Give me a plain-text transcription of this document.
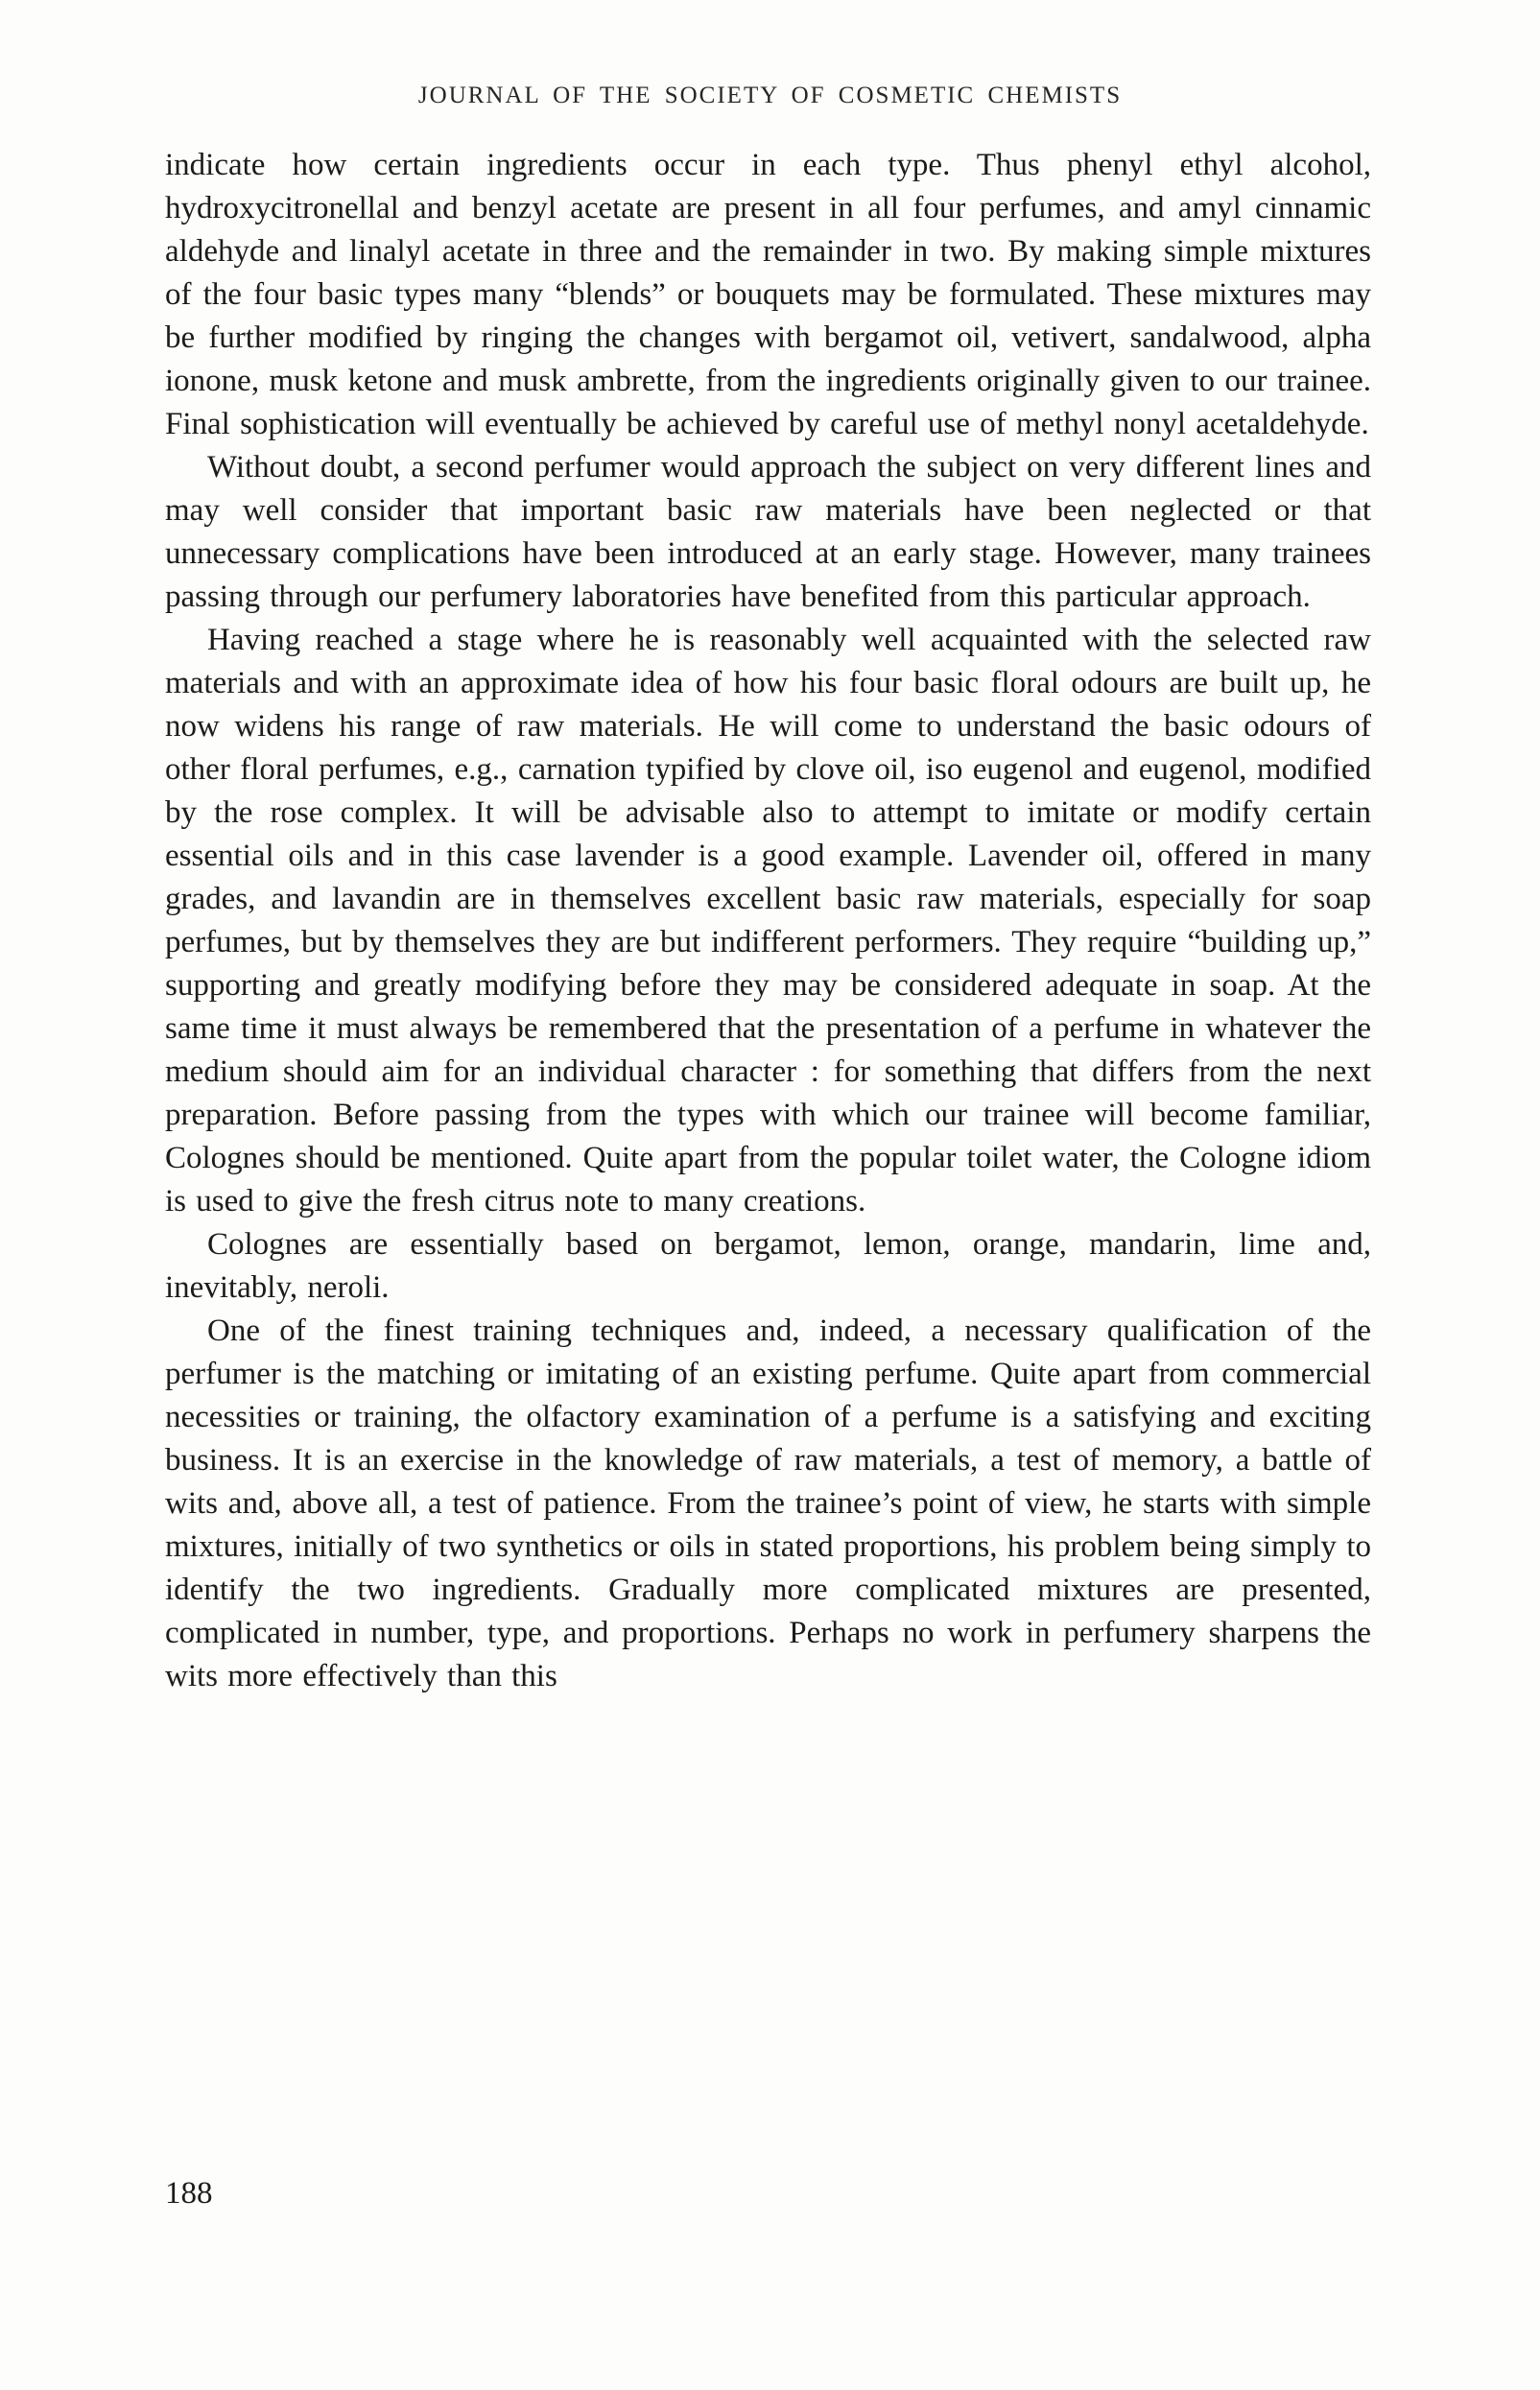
JOURNAL OF THE SOCIETY OF COSMETIC CHEMISTS

indicate how certain ingredients occur in each type. Thus phenyl ethyl alcohol, hydroxycitronellal and benzyl acetate are present in all four perfumes, and amyl cinnamic aldehyde and linalyl acetate in three and the remainder in two. By making simple mixtures of the four basic types many “blends” or bouquets may be formulated. These mixtures may be further modified by ringing the changes with bergamot oil, vetivert, sandalwood, alpha ionone, musk ketone and musk ambrette, from the ingredients originally given to our trainee. Final sophistication will eventually be achieved by careful use of methyl nonyl acetaldehyde.

Without doubt, a second perfumer would approach the subject on very different lines and may well consider that important basic raw materials have been neglected or that unnecessary complications have been introduced at an early stage. However, many trainees passing through our perfumery laboratories have benefited from this particular approach.

Having reached a stage where he is reasonably well acquainted with the selected raw materials and with an approximate idea of how his four basic floral odours are built up, he now widens his range of raw materials. He will come to understand the basic odours of other floral perfumes, e.g., carnation typified by clove oil, iso eugenol and eugenol, modified by the rose complex. It will be advisable also to attempt to imitate or modify certain essential oils and in this case lavender is a good example. Lavender oil, offered in many grades, and lavandin are in themselves excellent basic raw materials, especially for soap perfumes, but by themselves they are but indifferent performers. They require “building up,” supporting and greatly modifying before they may be considered adequate in soap. At the same time it must always be remembered that the presentation of a perfume in whatever the medium should aim for an individual character : for something that differs from the next preparation. Before passing from the types with which our trainee will become familiar, Colognes should be mentioned. Quite apart from the popular toilet water, the Cologne idiom is used to give the fresh citrus note to many creations.

Colognes are essentially based on bergamot, lemon, orange, mandarin, lime and, inevitably, neroli.

One of the finest training techniques and, indeed, a necessary qualification of the perfumer is the matching or imitating of an existing perfume. Quite apart from commercial necessities or training, the olfactory examination of a perfume is a satisfying and exciting business. It is an exercise in the knowledge of raw materials, a test of memory, a battle of wits and, above all, a test of patience. From the trainee’s point of view, he starts with simple mixtures, initially of two synthetics or oils in stated proportions, his problem being simply to identify the two ingredients. Gradually more complicated mixtures are presented, complicated in number, type, and proportions. Perhaps no work in perfumery sharpens the wits more effectively than this

188
